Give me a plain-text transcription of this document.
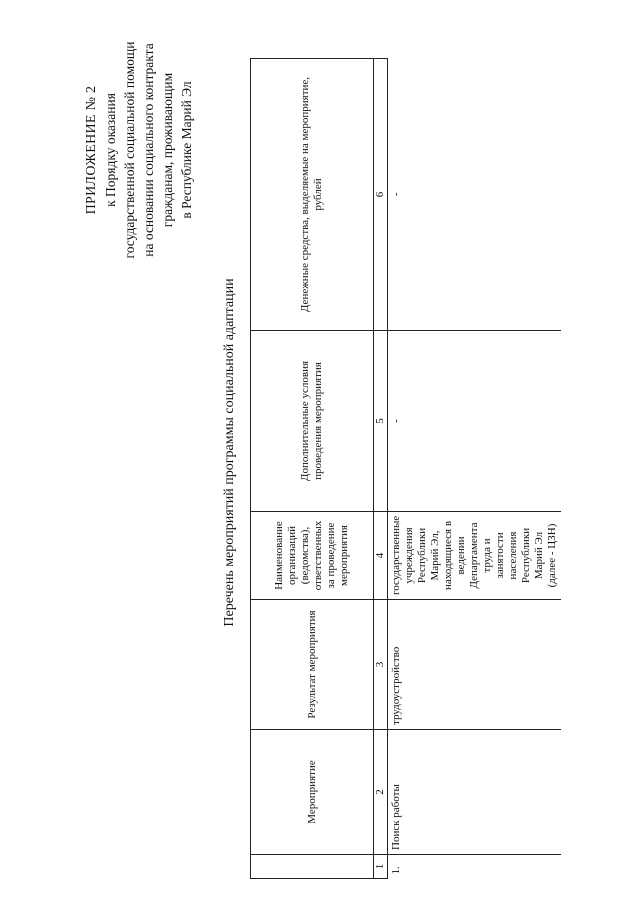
ПРИЛОЖЕНИЕ № 2 к Порядку оказания государственной социальной помощи на основании социального контракта гражданам, проживающим в Республике Марий Эл
Перечень мероприятий программы социальной адаптации
	Мероприятие	Результат мероприятия	Наименование организаций (ведомства), ответственных за проведение мероприятия	Дополнительные условия проведения мероприятия	Денежные средства, выделяемые на мероприятие, рублей
1	2	3	4	5	6
1.	Поиск работы	трудоустройство	государственные учреждения Республики Марий Эл, находящиеся в ведении Департамента труда и занятости населения Республики Марий Эл (далее - ЦЗН)	-	-
